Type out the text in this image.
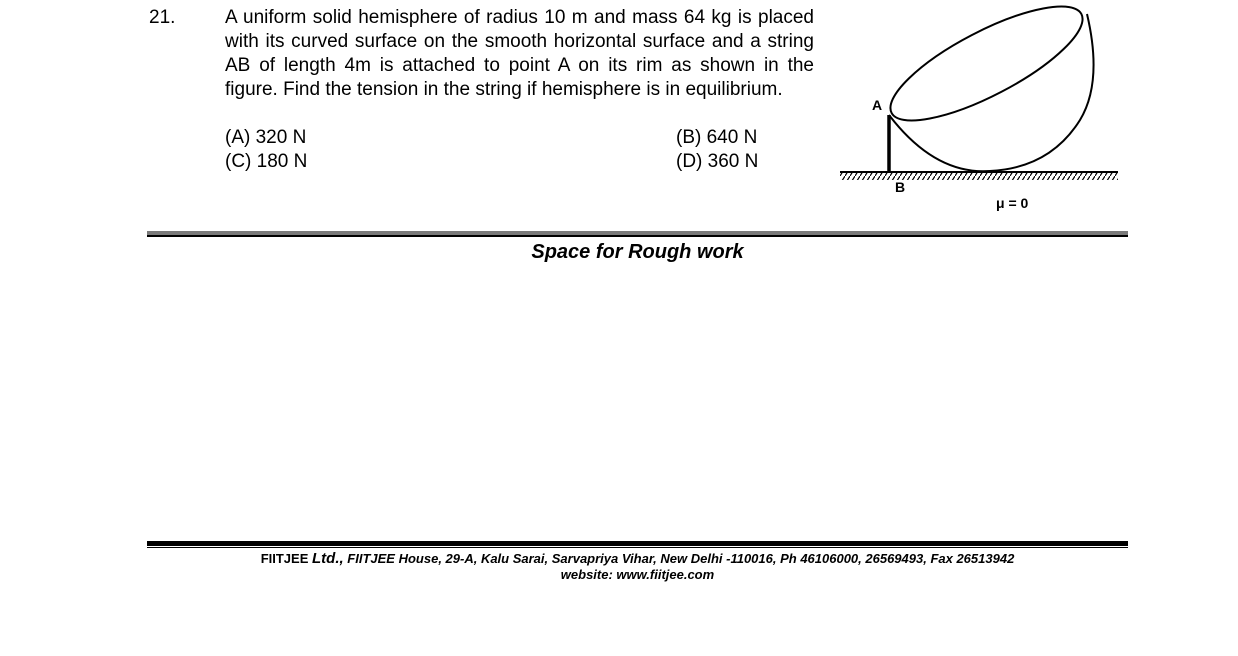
21.	A uniform solid hemisphere of radius 10 m and mass 64 kg is placed with its curved surface on the smooth horizontal surface and a string AB of length 4m is attached to point A on its rim as shown in the figure. Find the tension in the string if hemisphere is in equilibrium.
(A) 320 N	(B) 640 N
(C) 180 N	(D) 360 N
A
B
μ = 0
Space for Rough work
FIITJEE Ltd., FIITJEE House, 29-A, Kalu Sarai, Sarvapriya Vihar, New Delhi -110016, Ph 46106000, 26569493, Fax 26513942
website: www.fiitjee.com
